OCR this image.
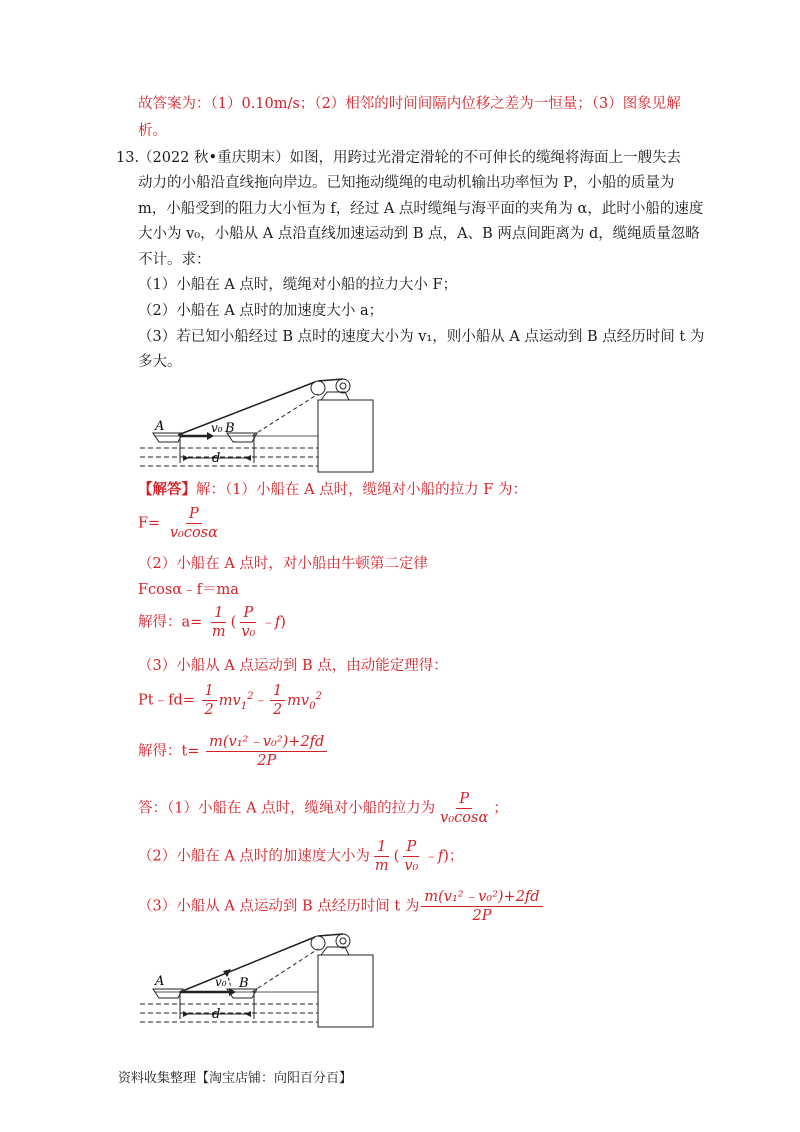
故答案为：（1）0.10m/s；（2）相邻的时间间隔内位移之差为一恒量；（3）图象见解
析。
13.
（2022 秋•重庆期末）如图，用跨过光滑定滑轮的不可伸长的缆绳将海面上一艘失去
动力的小船沿直线拖向岸边。已知拖动缆绳的电动机输出功率恒为 P，小船的质量为
m，小船受到的阻力大小恒为 f，经过 A 点时缆绳与海平面的夹角为 α，此时小船的速度
大小为 v₀，小船从 A 点沿直线加速运动到 B 点，A、B 两点间距离为 d，缆绳质量忽略
不计。求：
（1）小船在 A 点时，缆绳对小船的拉力大小 F；
（2）小船在 A 点时的加速度大小 a；
（3）若已知小船经过 B 点时的速度大小为 v₁，则小船从 A 点运动到 B 点经历时间 t 为
多大。
A	B
v₀
d
【解答】解：（1）小船在 A 点时，缆绳对小船的拉力 F 为：
$F= \frac{P}{\text{v₀cosα}}$
（2）小船在 A 点时，对小船由牛顿第二定律
Fcosα﹣f＝ma
解得：$a= \frac{1}{m}$ ( $\frac{P}{\text{v₀}}$ ﹣f)
（3）小船从 A 点运动到 B 点，由动能定理得：
Pt﹣fd= $\frac{1}{2}$ $mv_1^2﹣ \frac{1}{2} mv_0^2$
解得：$t= \frac{\text{m(v₁²﹣v₀²)+2fd}}{2P}$
答：（1）小船在 A 点时，缆绳对小船的拉力为 $\frac{P}{\text{v₀cosα}}$ ；
（2）小船在 A 点时的加速度大小为 $\frac{1}{m}$ ( $\frac{P}{\text{v₀}}$ ﹣f)；
（3）小船从 A 点运动到 B 点经历时间 t 为 $\frac{\text{m(v₁²﹣v₀²)+2fd}}{2P}$
A	B
v₀
d
资料收集整理【淘宝店铺：向阳百分百】
